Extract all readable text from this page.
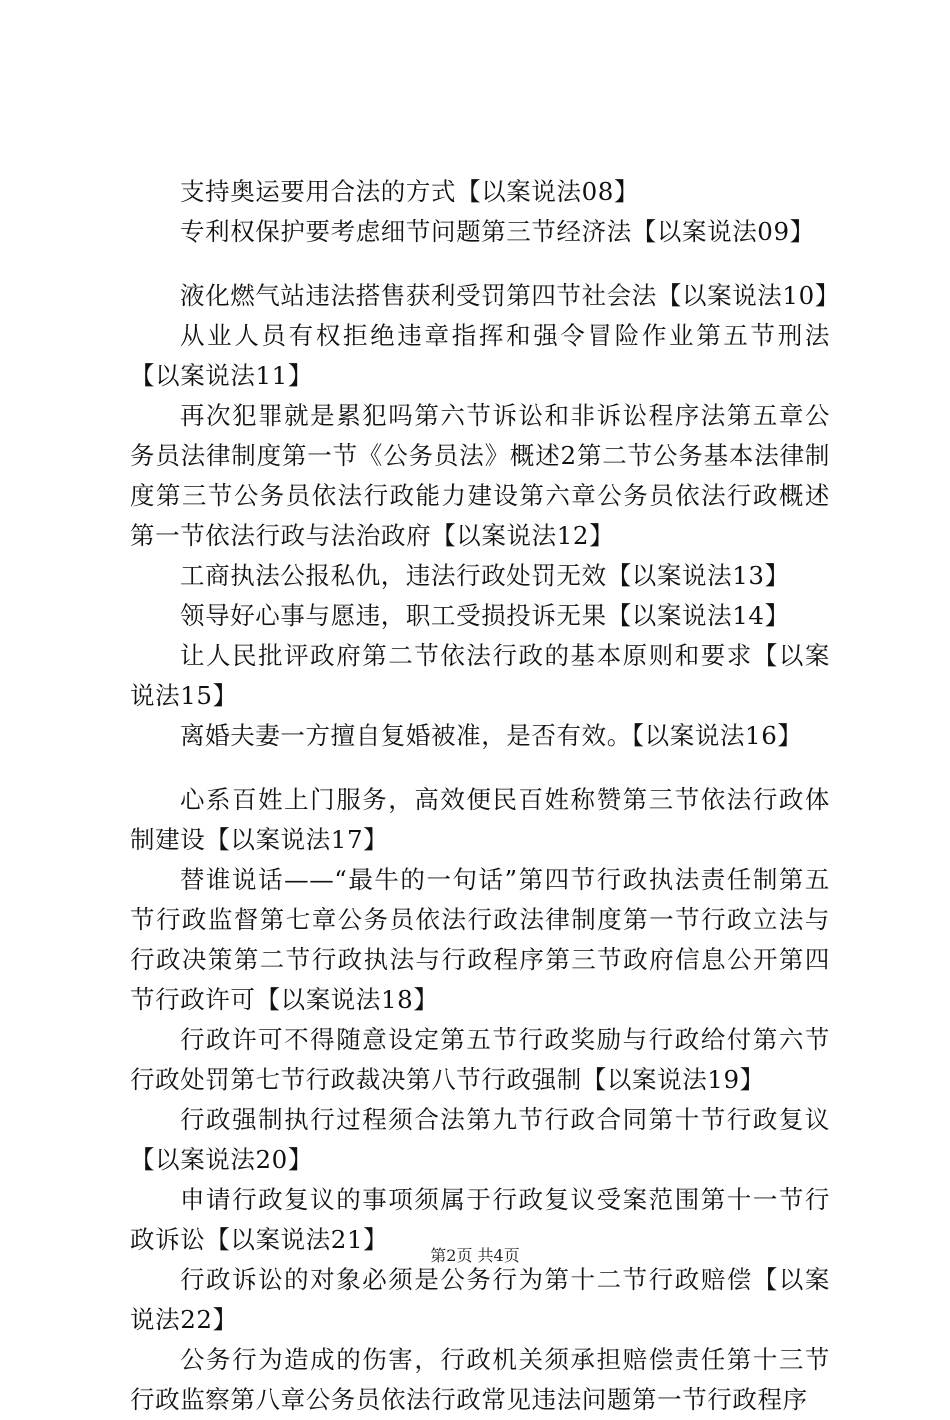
支持奥运要用合法的方式【以案说法08】

专利权保护要考虑细节问题第三节经济法【以案说法09】

液化燃气站违法搭售获利受罚第四节社会法【以案说法10】

从业人员有权拒绝违章指挥和强令冒险作业第五节刑法【以案说法11】

再次犯罪就是累犯吗第六节诉讼和非诉讼程序法第五章公务员法律制度第一节《公务员法》概述2第二节公务基本法律制度第三节公务员依法行政能力建设第六章公务员依法行政概述第一节依法行政与法治政府【以案说法12】

工商执法公报私仇，违法行政处罚无效【以案说法13】

领导好心事与愿违，职工受损投诉无果【以案说法14】

让人民批评政府第二节依法行政的基本原则和要求【以案说法15】

离婚夫妻一方擅自复婚被准，是否有效。【以案说法16】

心系百姓上门服务，高效便民百姓称赞第三节依法行政体制建设【以案说法17】

替谁说话——“最牛的一句话”第四节行政执法责任制第五节行政监督第七章公务员依法行政法律制度第一节行政立法与行政决策第二节行政执法与行政程序第三节政府信息公开第四节行政许可【以案说法18】

行政许可不得随意设定第五节行政奖励与行政给付第六节行政处罚第七节行政裁决第八节行政强制【以案说法19】

行政强制执行过程须合法第九节行政合同第十节行政复议【以案说法20】

申请行政复议的事项须属于行政复议受案范围第十一节行政诉讼【以案说法21】

行政诉讼的对象必须是公务行为第十二节行政赔偿【以案说法22】

公务行为造成的伤害，行政机关须承担赔偿责任第十三节行政监察第八章公务员依法行政常见违法问题第一节行政程序

第2页 共4页
